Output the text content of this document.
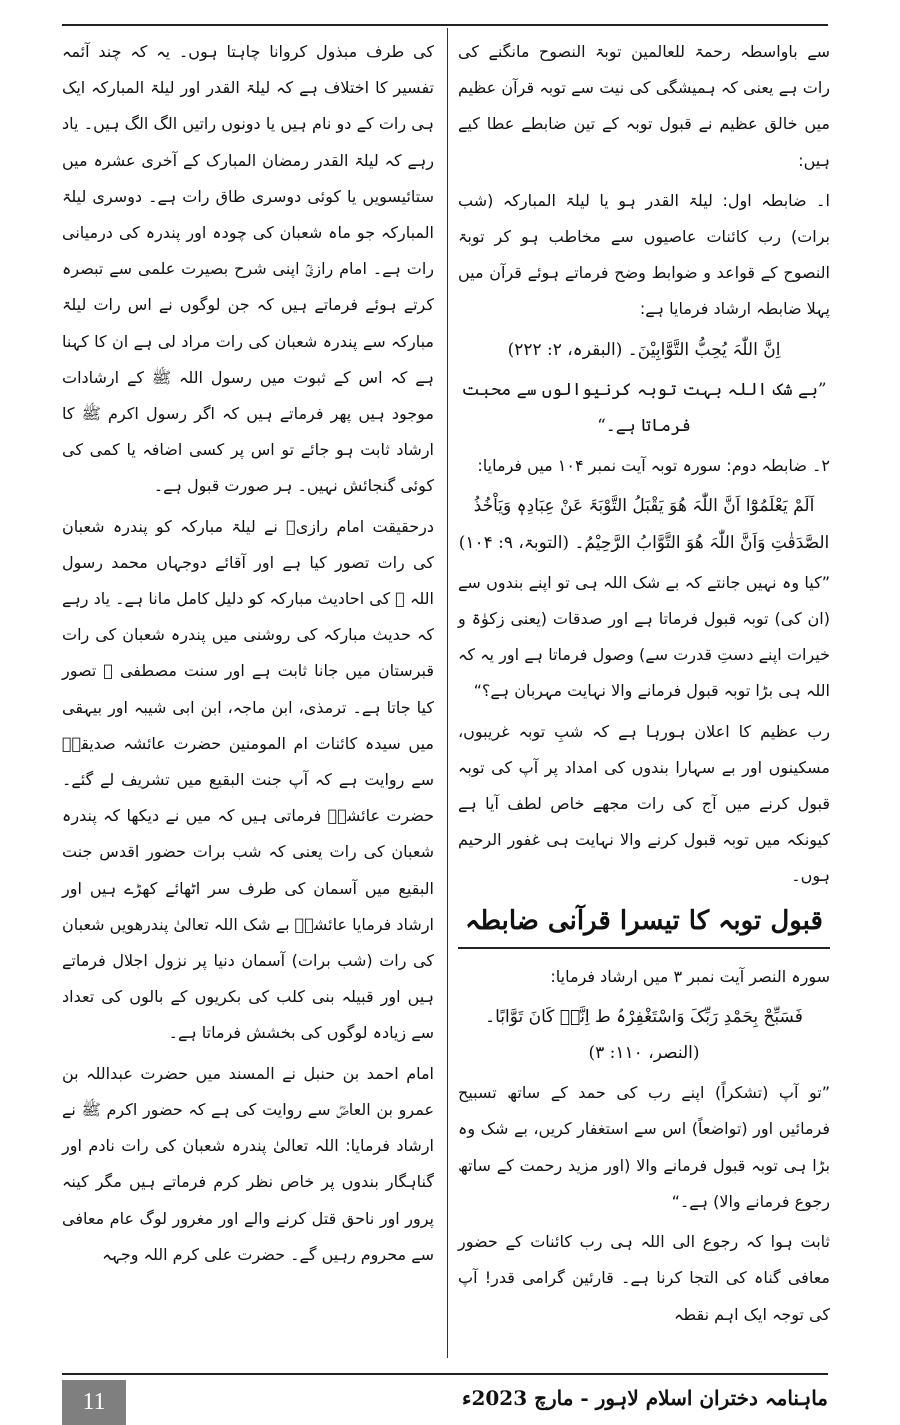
سے باواسطہ رحمۃ للعالمین توبۃ النصوح مانگنے کی رات ہے یعنی کہ ہمیشگی کی نیت سے توبہ قرآن عظیم میں خالق عظیم نے قبول توبہ کے تین ضابطے عطا کیے ہیں:

ا۔ ضابطہ اول: لیلۃ القدر ہو یا لیلۃ المبارکہ (شب برات) رب کائنات عاصیوں سے مخاطب ہو کر توبۃ النصوح کے قواعد و ضوابط وضح فرماتے ہوئے قرآن میں پہلا ضابطہ ارشاد فرمایا ہے:

اِنَّ اللّٰہَ یُحِبُّ التَّوَّابِیْنَ۔ (البقرہ، ۲: ۲۲۲)

”بے شک اللہ بہت توبہ کرنیوالوں سے محبت فرماتا ہے۔“

۲۔ ضابطہ دوم: سورہ توبہ آیت نمبر ۱۰۴ میں فرمایا:

اَلَمْ یَعْلَمُوْٓا اَنَّ اللّٰہَ ھُوَ یَقْبَلُ التَّوْبَۃَ عَنْ عِبَادِہٖ وَیَاْخُذُ الصَّدَقٰتِ وَاَنَّ اللّٰہَ ھُوَ التَّوَّابُ الرَّحِیْمُ۔ (التوبۃ، ۹: ۱۰۴)

”کیا وہ نہیں جانتے کہ بے شک اللہ ہی تو اپنے بندوں سے (ان کی) توبہ قبول فرماتا ہے اور صدقات (یعنی زکوٰۃ و خیرات اپنے دستِ قدرت سے) وصول فرماتا ہے اور یہ کہ اللہ ہی بڑا توبہ قبول فرمانے والا نہایت مہربان ہے؟“

رب عظیم کا اعلان ہورہا ہے کہ شبِ توبہ غریبوں، مسکینوں اور بے سہارا بندوں کی امداد پر آپ کی توبہ قبول کرنے میں آج کی رات مجھے خاص لطف آیا ہے کیونکہ میں توبہ قبول کرنے والا نہایت ہی غفور الرحیم ہوں۔

قبول توبہ کا تیسرا قرآنی ضابطہ

سورہ النصر آیت نمبر ۳ میں ارشاد فرمایا:

فَسَبِّحْ بِحَمْدِ رَبِّکَ وَاسْتَغْفِرْہُ ط اِنَّہٗ کَانَ تَوَّابًا۔ (النصر، ۱۱۰: ۳)

”تو آپ (تشکراً) اپنے رب کی حمد کے ساتھ تسبیح فرمائیں اور (تواضعاً) اس سے استغفار کریں، بے شک وہ بڑا ہی توبہ قبول فرمانے والا (اور مزید رحمت کے ساتھ رجوع فرمانے والا) ہے۔“

ثابت ہوا کہ رجوع الی اللہ ہی رب کائنات کے حضور معافی گناہ کی التجا کرنا ہے۔ قارئین گرامی قدر! آپ کی توجہ ایک اہم نقطہ

کی طرف مبذول کروانا چاہتا ہوں۔ یہ کہ چند آئمہ تفسیر کا اختلاف ہے کہ لیلۃ القدر اور لیلۃ المبارکہ ایک ہی رات کے دو نام ہیں یا دونوں راتیں الگ الگ ہیں۔ یاد رہے کہ لیلۃ القدر رمضان المبارک کے آخری عشرہ میں ستائیسویں یا کوئی دوسری طاق رات ہے۔ دوسری لیلۃ المبارکہ جو ماہ شعبان کی چودہ اور پندرہ کی درمیانی رات ہے۔ امام رازیؒ اپنی شرح بصیرت علمی سے تبصرہ کرتے ہوئے فرماتے ہیں کہ جن لوگوں نے اس رات لیلۃ مبارکہ سے پندرہ شعبان کی رات مراد لی ہے ان کا کہنا ہے کہ اس کے ثبوت میں رسول اللہ ﷺ کے ارشادات موجود ہیں پھر فرماتے ہیں کہ اگر رسول اکرم ﷺ کا ارشاد ثابت ہو جائے تو اس پر کسی اضافہ یا کمی کی کوئی گنجائش نہیں۔ ہر صورت قبول ہے۔

درحقیقت امام رازیؒ نے لیلۃ مبارکہ کو پندرہ شعبان کی رات تصور کیا ہے اور آقائے دوجہاں محمد رسول اللہ ﷺ کی احادیث مبارکہ کو دلیل کامل مانا ہے۔ یاد رہے کہ حدیث مبارکہ کی روشنی میں پندرہ شعبان کی رات قبرستان میں جانا ثابت ہے اور سنت مصطفی ﷺ تصور کیا جاتا ہے۔ ترمذی، ابن ماجہ، ابن ابی شیبہ اور بیہقی میں سیدہ کائنات ام المومنین حضرت عائشہ صدیقہؓ سے روایت ہے کہ آپ جنت البقیع میں تشریف لے گئے۔ حضرت عائشہؓ فرماتی ہیں کہ میں نے دیکھا کہ پندرہ شعبان کی رات یعنی کہ شب برات حضور اقدس جنت البقیع میں آسمان کی طرف سر اٹھائے کھڑے ہیں اور ارشاد فرمایا عائشہؓ بے شک اللہ تعالیٰ پندرھویں شعبان کی رات (شب برات) آسمان دنیا پر نزول اجلال فرماتے ہیں اور قبیلہ بنی کلب کی بکریوں کے بالوں کی تعداد سے زیادہ لوگوں کی بخشش فرماتا ہے۔

امام احمد بن حنبل نے المسند میں حضرت عبداللہ بن عمرو بن العاصؓ سے روایت کی ہے کہ حضور اکرم ﷺ نے ارشاد فرمایا: اللہ تعالیٰ پندرہ شعبان کی رات نادم اور گناہگار بندوں پر خاص نظر کرم فرماتے ہیں مگر کینہ پرور اور ناحق قتل کرنے والے اور مغرور لوگ عام معافی سے محروم رہیں گے۔ حضرت علی کرم اللہ وجہہ

11	ماہنامہ دختران اسلام لاہور - مارچ 2023ء
